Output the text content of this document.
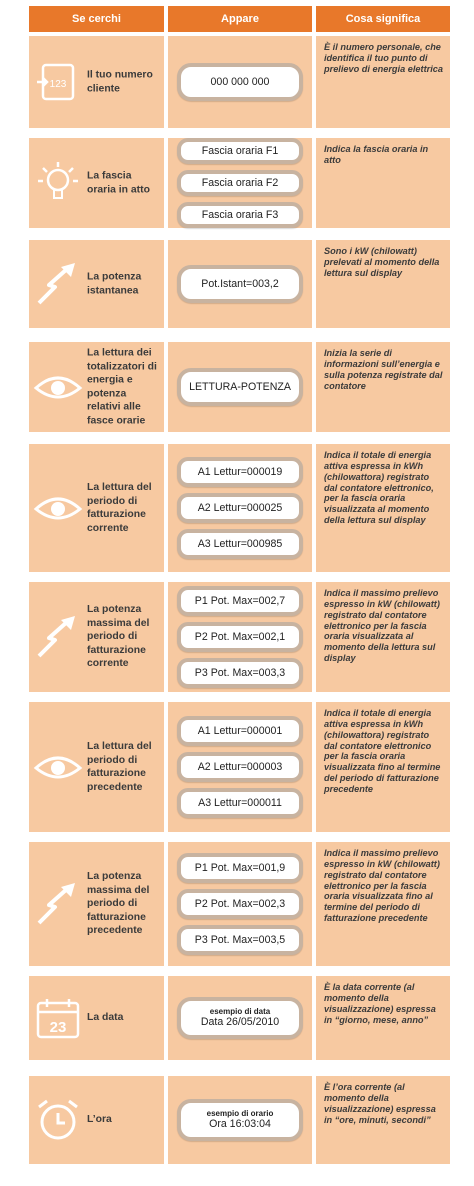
Se cerchi	Appare	Cosa significa
123
Il tuo numero cliente
000 000 000
È il numero personale, che identifica il tuo punto di prelievo di energia elettrica
La fascia oraria in atto
Fascia oraria F1
Fascia oraria F2
Fascia oraria F3
Indica la fascia oraria in atto
La potenza istantanea
Pot.Istant=003,2
Sono i kW (chilowatt) prelevati al momento della lettura sul display
La lettura dei totalizzatori di energia e potenza relativi alle fasce orarie
LETTURA-POTENZA
Inizia la serie di informazioni sull’energia e sulla potenza registrate dal contatore
La lettura del periodo di fatturazione corrente
A1 Lettur=000019
A2 Lettur=000025
A3 Lettur=000985
Indica il totale di energia attiva espressa in kWh (chilowattora) registrato dal contatore elettronico, per la fascia oraria visualizzata al momento della lettura sul display
La potenza massima del periodo di fatturazione corrente
P1 Pot. Max=002,7
P2 Pot. Max=002,1
P3 Pot. Max=003,3
Indica il massimo prelievo espresso in kW (chilowatt) registrato dal contatore elettronico per la fascia oraria visualizzata al momento della lettura sul display
La lettura del periodo di fatturazione precedente
A1 Lettur=000001
A2 Lettur=000003
A3 Lettur=000011
Indica il totale di energia attiva espressa in kWh (chilowattora) registrato dal contatore elettronico per la fascia oraria visualizzata fino al termine del periodo di fatturazione precedente
La potenza massima del periodo di fatturazione precedente
P1 Pot. Max=001,9
P2 Pot. Max=002,3
P3 Pot. Max=003,5
Indica il massimo prelievo espresso in kW (chilowatt) registrato dal contatore elettronico per la fascia oraria visualizzata fino al termine del periodo di fatturazione precedente
23
La data
esempio di data
Data 26/05/2010
È la data corrente (al momento della visualizzazione) espressa in “giorno, mese, anno”
L’ora
esempio di orario
Ora 16:03:04
È l’ora corrente (al momento della visualizzazione) espressa in “ore, minuti, secondi”
